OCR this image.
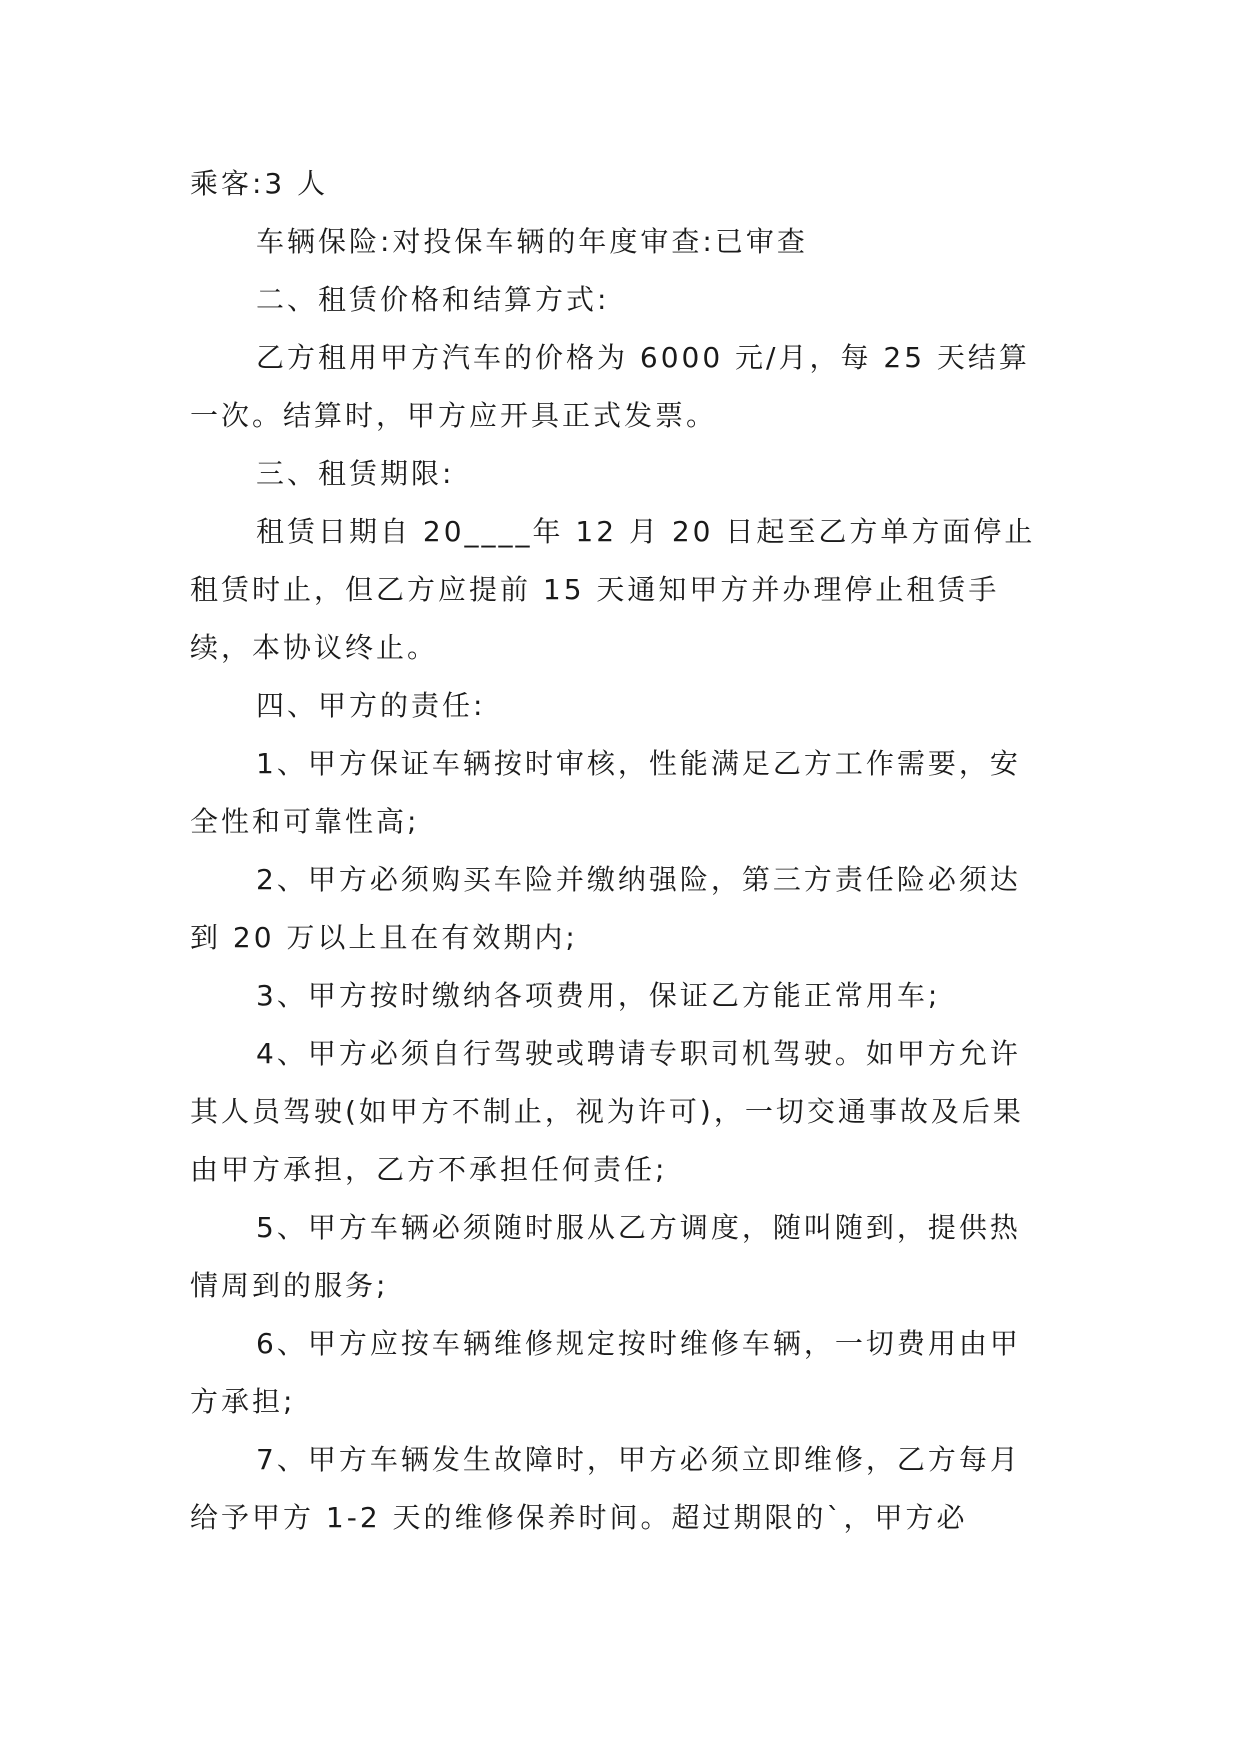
乘客:3 人

车辆保险:对投保车辆的年度审查:已审查

二、租赁价格和结算方式:

乙方租用甲方汽车的价格为 6000 元/月，每 25 天结算一次。结算时，甲方应开具正式发票。

三、租赁期限:

租赁日期自 20____年 12 月 20 日起至乙方单方面停止租赁时止，但乙方应提前 15 天通知甲方并办理停止租赁手续，本协议终止。

四、甲方的责任:

1、甲方保证车辆按时审核，性能满足乙方工作需要，安全性和可靠性高;

2、甲方必须购买车险并缴纳强险，第三方责任险必须达到 20 万以上且在有效期内;

3、甲方按时缴纳各项费用，保证乙方能正常用车;

4、甲方必须自行驾驶或聘请专职司机驾驶。如甲方允许其人员驾驶(如甲方不制止，视为许可)，一切交通事故及后果由甲方承担，乙方不承担任何责任;

5、甲方车辆必须随时服从乙方调度，随叫随到，提供热情周到的服务;

6、甲方应按车辆维修规定按时维修车辆，一切费用由甲方承担;

7、甲方车辆发生故障时，甲方必须立即维修，乙方每月给予甲方 1-2 天的维修保养时间。超过期限的`，甲方必
